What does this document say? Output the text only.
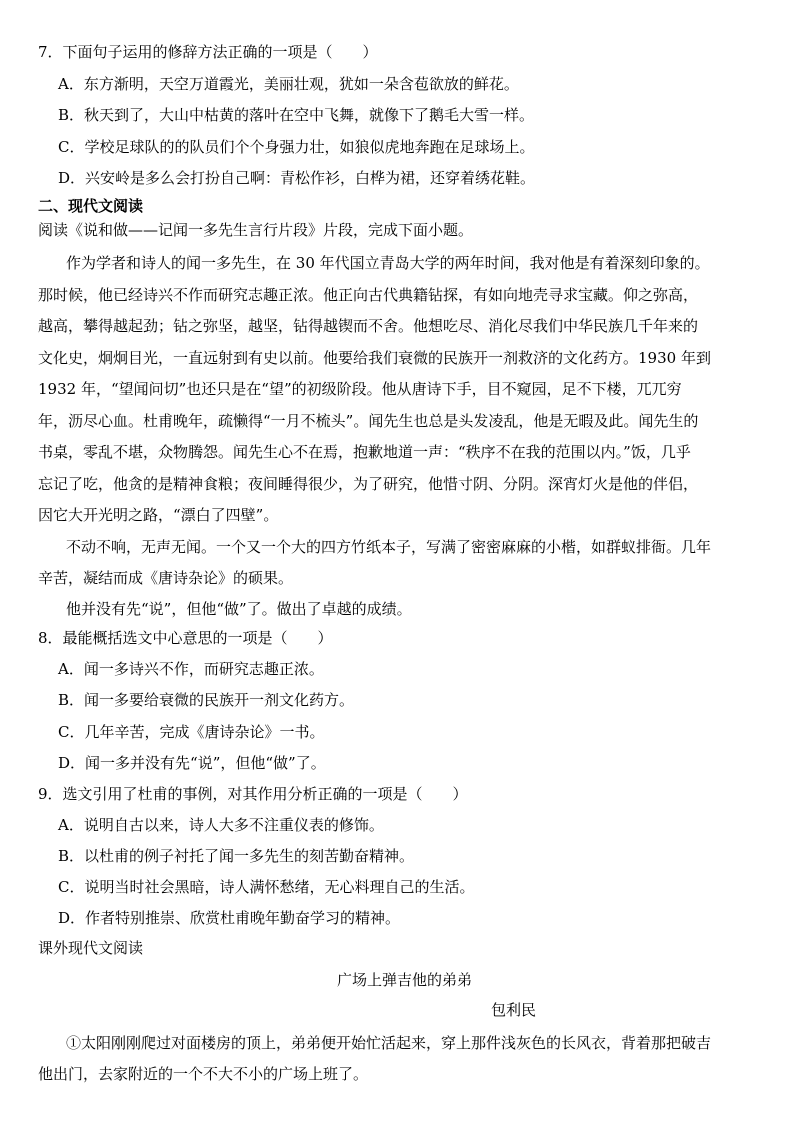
7．下面句子运用的修辞方法正确的一项是（　　）
A．东方渐明，天空万道霞光，美丽壮观，犹如一朵含苞欲放的鲜花。
B．秋天到了，大山中枯黄的落叶在空中飞舞，就像下了鹅毛大雪一样。
C．学校足球队的的队员们个个身强力壮，如狼似虎地奔跑在足球场上。
D．兴安岭是多么会打扮自己啊：青松作衫，白桦为裙，还穿着绣花鞋。
二、现代文阅读
阅读《说和做——记闻一多先生言行片段》片段，完成下面小题。
作为学者和诗人的闻一多先生，在 30 年代国立青岛大学的两年时间，我对他是有着深刻印象的。
那时候，他已经诗兴不作而研究志趣正浓。他正向古代典籍钻探，有如向地壳寻求宝藏。仰之弥高，
越高，攀得越起劲；钻之弥坚，越坚，钻得越锲而不舍。他想吃尽、消化尽我们中华民族几千年来的
文化史，炯炯目光，一直远射到有史以前。他要给我们衰微的民族开一剂救济的文化药方。1930 年到
1932 年，“望闻问切”也还只是在“望”的初级阶段。他从唐诗下手，目不窥园，足不下楼，兀兀穷
年，沥尽心血。杜甫晚年，疏懒得“一月不梳头”。闻先生也总是头发凌乱，他是无暇及此。闻先生的
书桌，零乱不堪，众物腾怨。闻先生心不在焉，抱歉地道一声：“秩序不在我的范围以内。”饭，几乎
忘记了吃，他贪的是精神食粮；夜间睡得很少，为了研究，他惜寸阴、分阴。深宵灯火是他的伴侣，
因它大开光明之路，“漂白了四壁”。
不动不响，无声无闻。一个又一个大的四方竹纸本子，写满了密密麻麻的小楷，如群蚁排衙。几年
辛苦，凝结而成《唐诗杂论》的硕果。
他并没有先“说”，但他“做”了。做出了卓越的成绩。
8．最能概括选文中心意思的一项是（　　）
A．闻一多诗兴不作，而研究志趣正浓。
B．闻一多要给衰微的民族开一剂文化药方。
C．几年辛苦，完成《唐诗杂论》一书。
D．闻一多并没有先“说”，但他“做”了。
9．选文引用了杜甫的事例，对其作用分析正确的一项是（　　）
A．说明自古以来，诗人大多不注重仪表的修饰。
B．以杜甫的例子衬托了闻一多先生的刻苦勤奋精神。
C．说明当时社会黑暗，诗人满怀愁绪，无心料理自己的生活。
D．作者特别推崇、欣赏杜甫晚年勤奋学习的精神。
课外现代文阅读
广场上弹吉他的弟弟
包利民
①太阳刚刚爬过对面楼房的顶上，弟弟便开始忙活起来，穿上那件浅灰色的长风衣，背着那把破吉
他出门，去家附近的一个不大不小的广场上班了。
